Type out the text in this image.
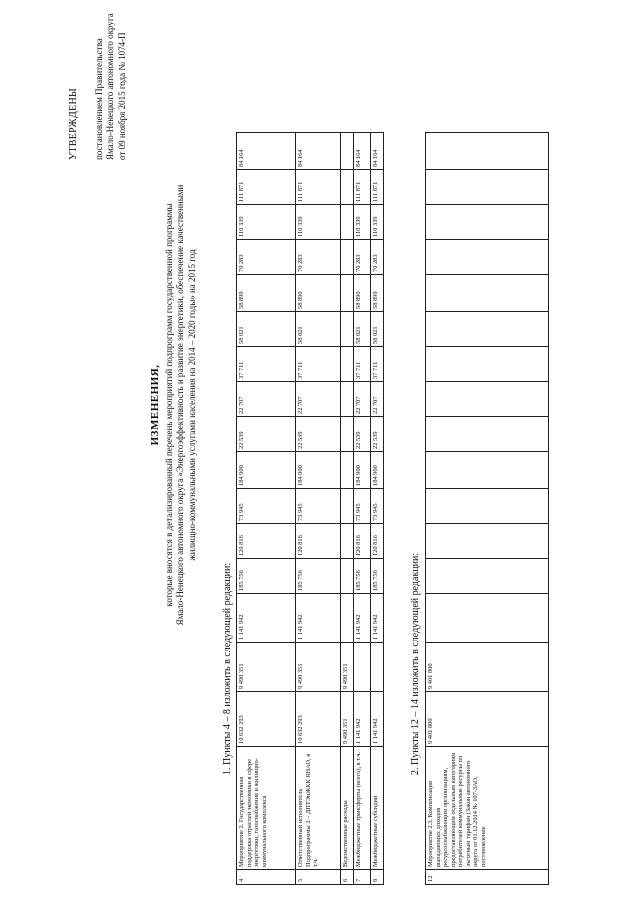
УТВЕРЖДЕНЫ постановлением Правительства Ямало-Ненецкого автономного округа от 09 ноября 2015 года № 1074-П
ИЗМЕНЕНИЯ, которые вносятся в детализированный перечень мероприятий подпрограмм государственной программы Ямало-Ненецкого автономного округа «Энергоэффективность и развитие энергетики, обеспечение качественными жилищно-коммунальными услугами населения на 2014 – 2020 годы» на 2015 год
1. Пункты 4 – 8 изложить в следующей редакции:
4	Мероприятие 2. Государственная поддержка отраслей экономики в сфере энергетики, газоснабжения и жилищно-коммунального комплекса	10 632 293	9 490 351	1 141 942	185 756	120 816	73 945	184 900	22 539	22 707	37 711	58 021	58 890	70 283	110 339	111 871	84 164
5	Ответственный исполнитель Подпрограммы 2 – ДПТЭиЖКК ЯНАО, в т.ч.	10 632 293	9 490 351	1 141 942	185 756	120 816	73 945	184 900	22 539	22 707	37 711	58 021	58 890	70 283	110 339	111 871	84 164
6	Ведомственные расходы	9 490 351	9 490 351														
7	Межбюджетные трансферты (всего), в т.ч.	1 141 942		1 141 942	185 756	120 816	73 945	184 900	22 539	22 707	37 711	58 021	58 890	70 283	110 339	111 871	84 164
8	Межбюджетные субсидии	1 141 942		1 141 942	185 756	120 816	73 945	184 900	22 539	22 707	37 711	58 021	58 890	70 283	110 339	111 871	84 164
2. Пункты 12 – 14 изложить в следующей редакции:
12	Мероприятие 2.3. Компенсация выпадающих доходов ресурсоснабжающим организациям, предоставляющим отдельным категориям потребителей коммунальные ресурсы по льготным тарифам (Закон автономного округа от 01.12.2014 № 107-ЗАО, постановление	9 401 800	9 401 800														
